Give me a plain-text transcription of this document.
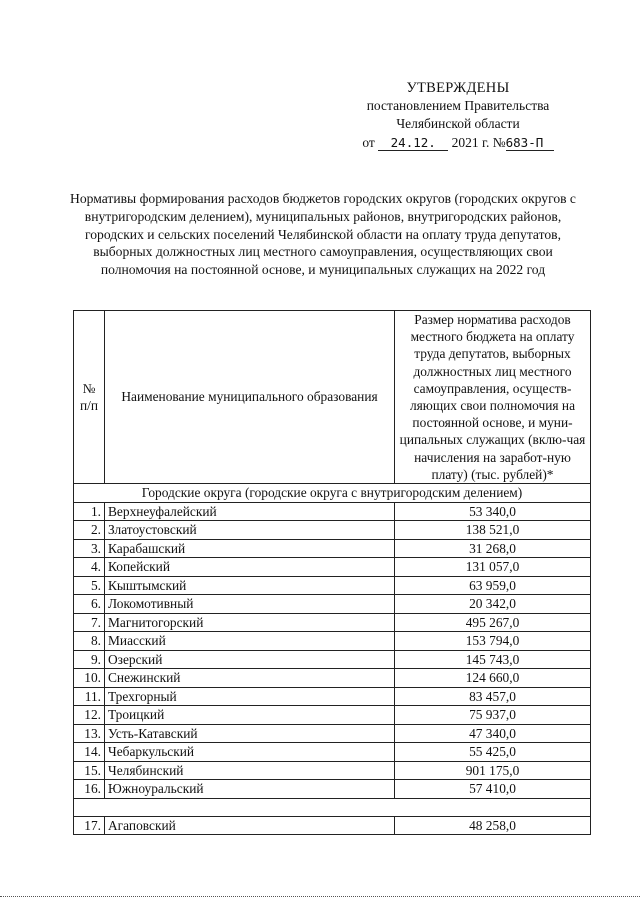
УТВЕРЖДЕНЫ
постановлением Правительства
Челябинской области
от 24.12. 2021 г. №683-П
Нормативы формирования расходов бюджетов городских округов (городских округов с внутригородским делением), муниципальных районов, внутригородских районов, городских и сельских поселений Челябинской области на оплату труда депутатов, выборных должностных лиц местного самоуправления, осуществляющих свои полномочия на постоянной основе, и муниципальных служащих на 2022 год
№ п/п	Наименование муниципального образования	Размер норматива расходов местного бюджета на оплату труда депутатов, выборных должностных лиц местного самоуправления, осуществ-ляющих свои полномочия на постоянной основе, и муни-ципальных служащих (вклю-чая начисления на заработ-ную плату) (тыс. рублей)*
Городские округа (городские округа с внутригородским делением)		
1.	Верхнеуфалейский	53 340,0
2.	Златоустовский	138 521,0
3.	Карабашский	31 268,0
4.	Копейский	131 057,0
5.	Кыштымский	63 959,0
6.	Локомотивный	20 342,0
7.	Магнитогорский	495 267,0
8.	Миасский	153 794,0
9.	Озерский	145 743,0
10.	Снежинский	124 660,0
11.	Трехгорный	83 457,0
12.	Троицкий	75 937,0
13.	Усть-Катавский	47 340,0
14.	Чебаркульский	55 425,0
15.	Челябинский	901 175,0
16.	Южноуральский	57 410,0

17.	Агаповский	48 258,0
